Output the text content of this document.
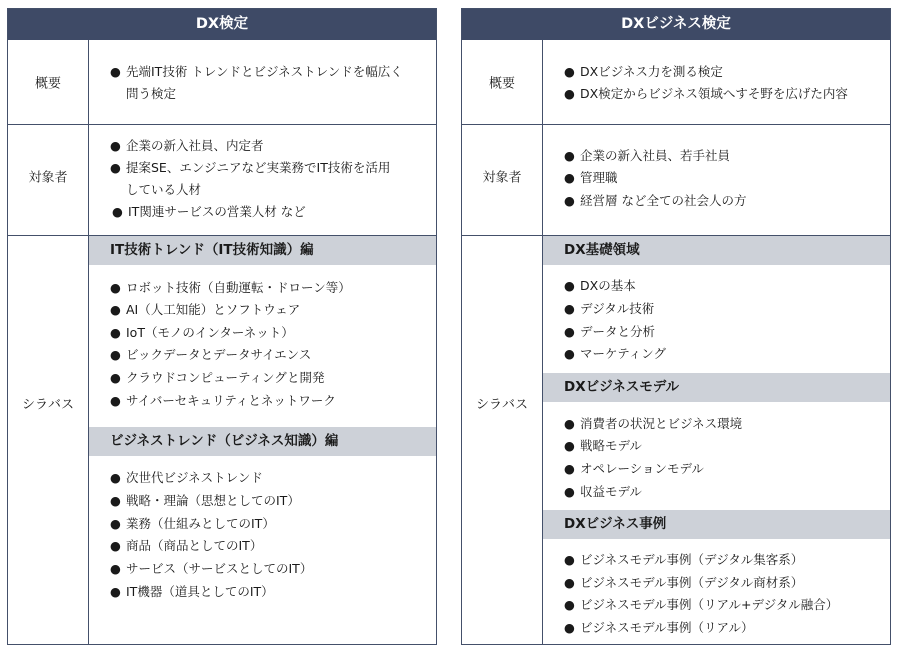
DX検定
概要
対象者
シラバス
● 先端IT技術 トレンドとビジネストレンドを幅広く
問う検定
● 企業の新入社員、内定者
● 提案SE、エンジニアなど実業務でIT技術を活用
している人材
● IT関連サービスの営業人材 など
IT技術トレンド（IT技術知識）編
● ロボット技術（自動運転・ドローン等）
● AI（人工知能）とソフトウェア
● IoT（モノのインターネット）
● ビックデータとデータサイエンス
● クラウドコンピューティングと開発
● サイバーセキュリティとネットワーク
ビジネストレンド（ビジネス知識）編
● 次世代ビジネストレンド
● 戦略・理論（思想としてのIT）
● 業務（仕組みとしてのIT）
● 商品（商品としてのIT）
● サービス（サービスとしてのIT）
● IT機器（道具としてのIT）
DXビジネス検定
概要
対象者
シラバス
● DXビジネス力を測る検定
● DX検定からビジネス領域へすそ野を広げた内容
● 企業の新入社員、若手社員
● 管理職
● 経営層 など全ての社会人の方
DX基礎領域
● DXの基本
● デジタル技術
● データと分析
● マーケティング
DXビジネスモデル
● 消費者の状況とビジネス環境
● 戦略モデル
● オペレーションモデル
● 収益モデル
DXビジネス事例
● ビジネスモデル事例（デジタル集客系）
● ビジネスモデル事例（デジタル商材系）
● ビジネスモデル事例（リアル+デジタル融合）
● ビジネスモデル事例（リアル）
